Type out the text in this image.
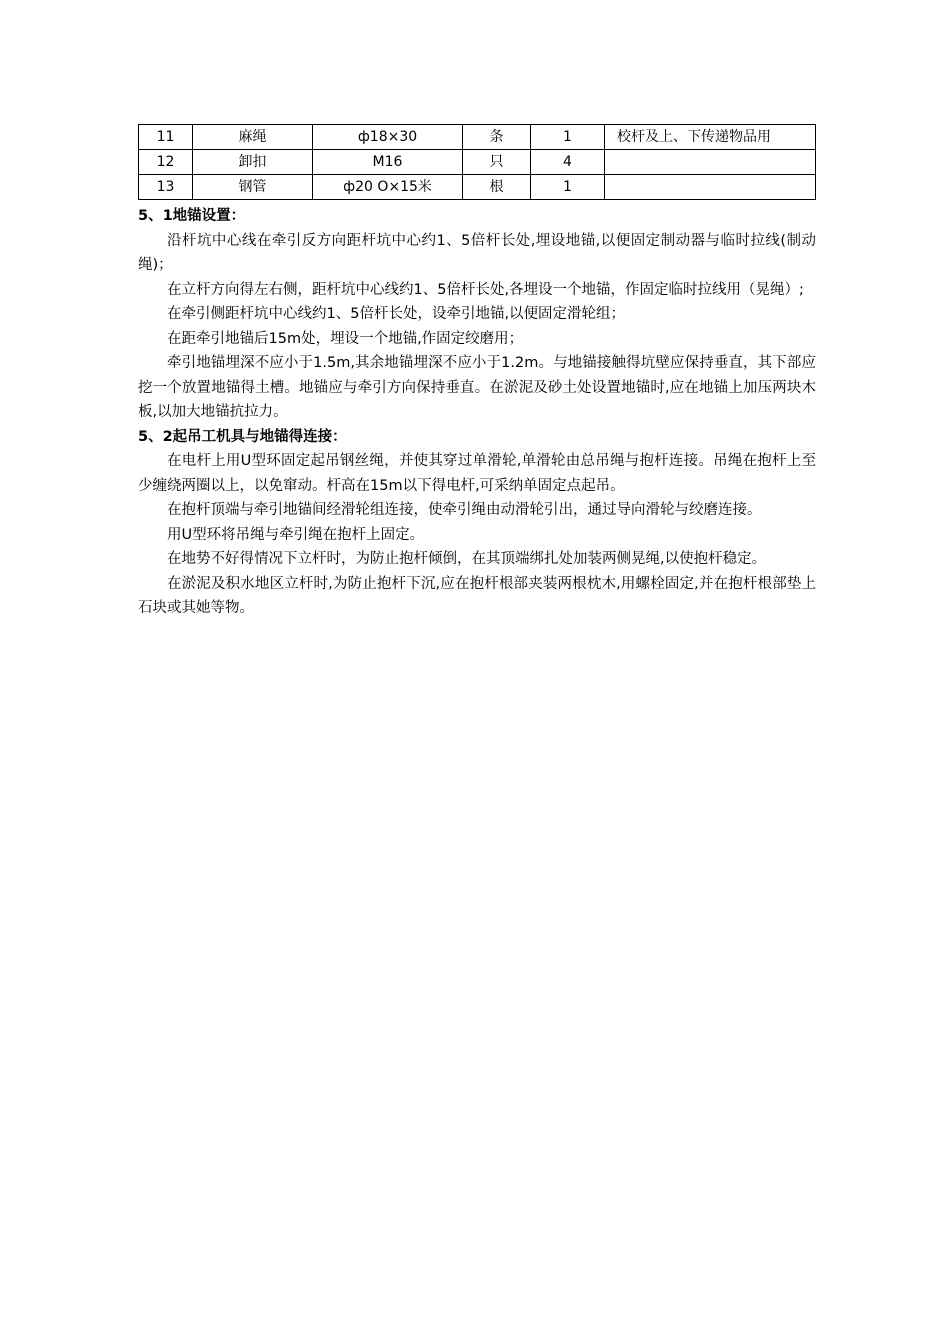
11	麻绳	ф18×30	条	1	校杆及上、下传递物品用
12	卸扣	M16	只	4	
13	钢管	ф20 O×15米	根	1	
5、1地锚设置：

沿杆坑中心线在牵引反方向距杆坑中心约1、5倍杆长处,埋设地锚,以便固定制动器与临时拉线(制动绳)；

在立杆方向得左右侧，距杆坑中心线约1、5倍杆长处,各埋设一个地锚，作固定临时拉线用（晃绳）;

在牵引侧距杆坑中心线约1、5倍杆长处，设牵引地锚,以便固定滑轮组；

在距牵引地锚后15m处，埋设一个地锚,作固定绞磨用；

牵引地锚埋深不应小于1.5m,其余地锚埋深不应小于1.2m。与地锚接触得坑壁应保持垂直，其下部应挖一个放置地锚得土槽。地锚应与牵引方向保持垂直。在淤泥及砂土处设置地锚时,应在地锚上加压两块木板,以加大地锚抗拉力。

5、2起吊工机具与地锚得连接：

在电杆上用U型环固定起吊钢丝绳，并使其穿过单滑轮,单滑轮由总吊绳与抱杆连接。吊绳在抱杆上至少缠绕两圈以上，以免窜动。杆高在15m以下得电杆,可采纳单固定点起吊。

在抱杆顶端与牵引地锚间经滑轮组连接，使牵引绳由动滑轮引出，通过导向滑轮与绞磨连接。

用U型环将吊绳与牵引绳在抱杆上固定。

在地势不好得情况下立杆时，为防止抱杆倾倒，在其顶端绑扎处加装两侧晃绳,以使抱杆稳定。

在淤泥及积水地区立杆时,为防止抱杆下沉,应在抱杆根部夹装两根枕木,用螺栓固定,并在抱杆根部垫上石块或其她等物。
